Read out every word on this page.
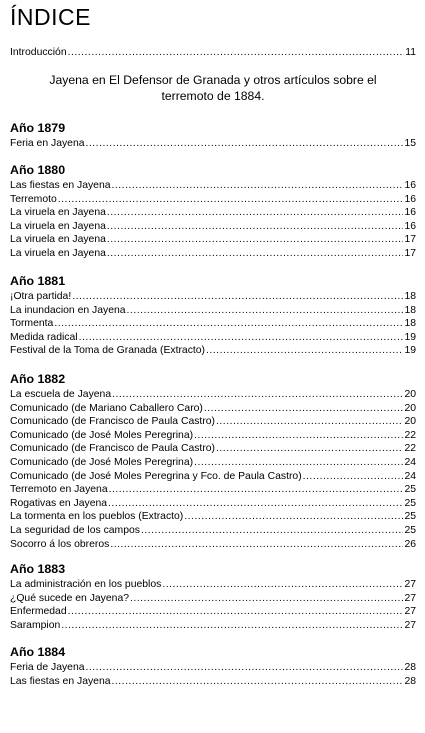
ÍNDICE
Introducción .....	11
Jayena en El Defensor de Granada y otros artículos sobre el
terremoto de 1884.
Año 1879
Feria en Jayena .....	15
Año 1880
Las fiestas en Jayena .....	16
Terremoto .....	16
La viruela en Jayena .....	16
La viruela en Jayena .....	16
La viruela en Jayena .....	17
La viruela en Jayena .....	17
Año 1881
¡Otra partida! .....	18
La inundacion en Jayena .....	18
Tormenta .....	18
Medida radical .....	19
Festival de la Toma de Granada (Extracto) .....	19
Año 1882
La escuela de Jayena .....	20
Comunicado (de Mariano Caballero Caro) .....	20
Comunicado (de Francisco de Paula Castro) .....	20
Comunicado (de José Moles Peregrina) .....	22
Comunicado (de Francisco de Paula Castro) .....	22
Comunicado (de José Moles Peregrina) .....	24
Comunicado (de José Moles Peregrina y Fco. de Paula Castro) .....	24
Terremoto en Jayena .....	25
Rogativas en Jayena .....	25
La tormenta en los pueblos (Extracto) .....	25
La seguridad de los campos .....	25
Socorro á los obreros .....	26
Año 1883
La administración en los pueblos .....	27
¿Qué sucede en Jayena? .....	27
Enfermedad .....	27
Sarampion .....	27
Año 1884
Feria de Jayena .....	28
Las fiestas en Jayena .....	28
